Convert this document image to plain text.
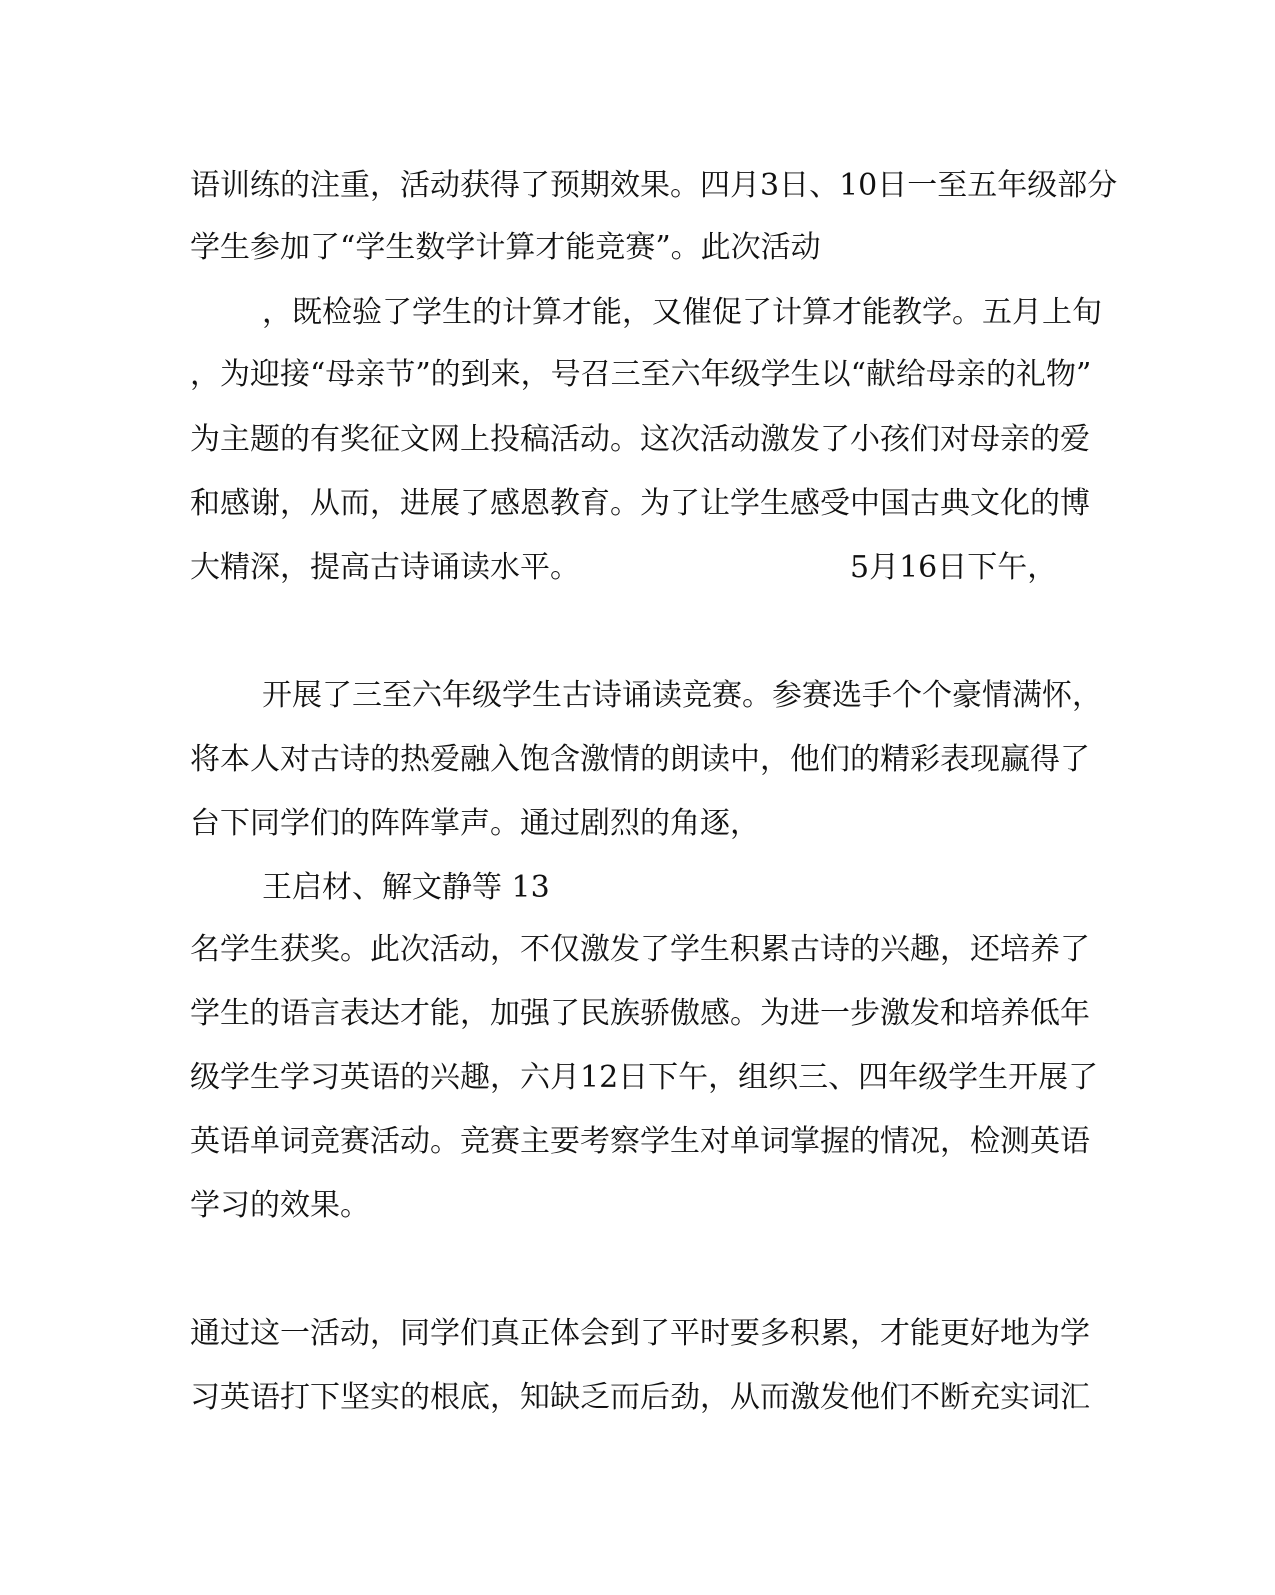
语训练的注重，活动获得了预期效果。四月3日、10日一至五年级部分
学生参加了“学生数学计算才能竞赛”。此次活动
，既检验了学生的计算才能，又催促了计算才能教学。五月上旬
，为迎接“母亲节”的到来，号召三至六年级学生以“献给母亲的礼物”
为主题的有奖征文网上投稿活动。这次活动激发了小孩们对母亲的爱
和感谢，从而，进展了感恩教育。为了让学生感受中国古典文化的博
大精深，提高古诗诵读水平。	5月16日下午，
开展了三至六年级学生古诗诵读竞赛。参赛选手个个豪情满怀，
将本人对古诗的热爱融入饱含激情的朗读中，他们的精彩表现赢得了
台下同学们的阵阵掌声。通过剧烈的角逐，
王启材、解文静等 13
名学生获奖。此次活动，不仅激发了学生积累古诗的兴趣，还培养了
学生的语言表达才能，加强了民族骄傲感。为进一步激发和培养低年
级学生学习英语的兴趣，六月12日下午，组织三、四年级学生开展了
英语单词竞赛活动。竞赛主要考察学生对单词掌握的情况，检测英语
学习的效果。
通过这一活动，同学们真正体会到了平时要多积累，才能更好地为学
习英语打下坚实的根底，知缺乏而后劲，从而激发他们不断充实词汇
